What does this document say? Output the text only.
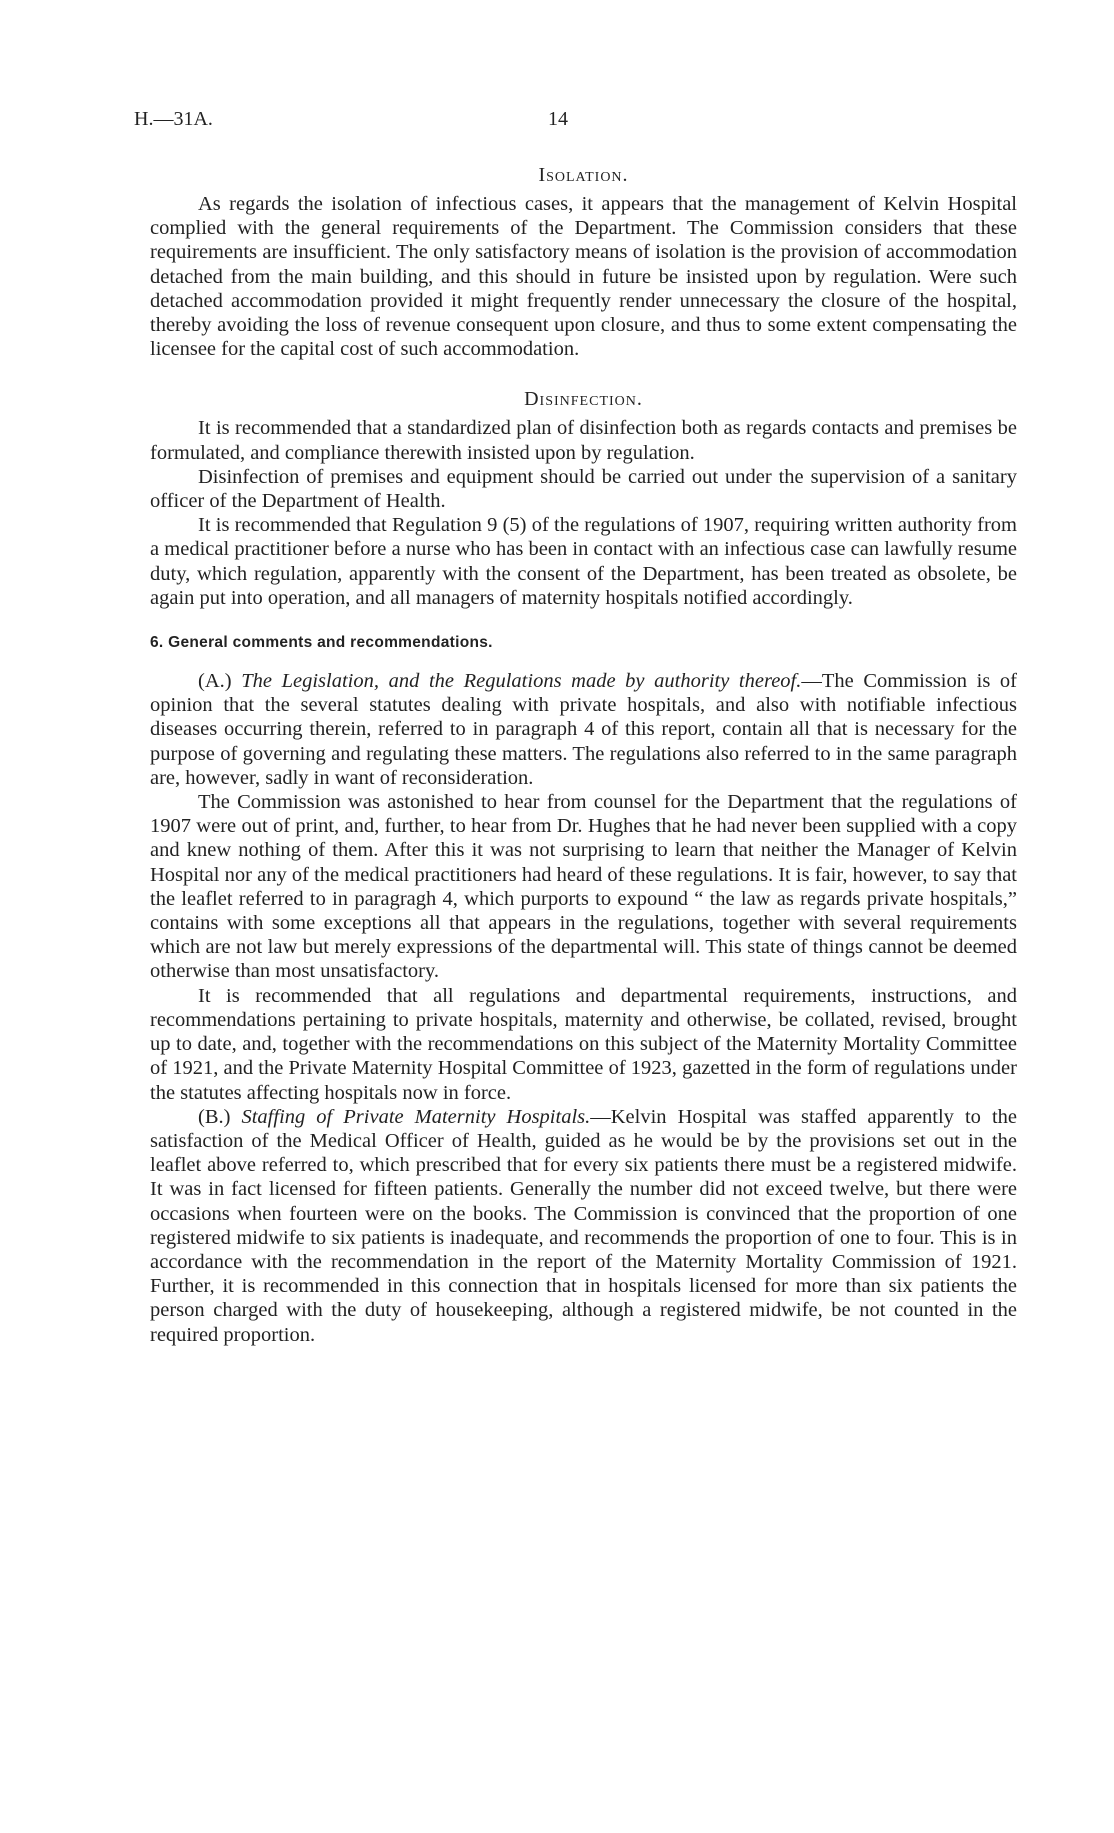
H.—31A.	14
Isolation.

As regards the isolation of infectious cases, it appears that the management of Kelvin Hospital complied with the general requirements of the Department. The Commission considers that these requirements are insufficient. The only satisfactory means of isolation is the provision of accommodation detached from the main building, and this should in future be insisted upon by regulation. Were such detached accommodation provided it might frequently render unnecessary the closure of the hospital, thereby avoiding the loss of revenue consequent upon closure, and thus to some extent compensating the licensee for the capital cost of such accommodation.

Disinfection.

It is recommended that a standardized plan of disinfection both as regards contacts and premises be formulated, and compliance therewith insisted upon by regulation.

Disinfection of premises and equipment should be carried out under the supervision of a sanitary officer of the Department of Health.

It is recommended that Regulation 9 (5) of the regulations of 1907, requiring written authority from a medical practitioner before a nurse who has been in contact with an infectious case can lawfully resume duty, which regulation, apparently with the consent of the Department, has been treated as obsolete, be again put into operation, and all managers of maternity hospitals notified accordingly.

6. General comments and recommendations.

(A.) The Legislation, and the Regulations made by authority thereof.—The Commission is of opinion that the several statutes dealing with private hospitals, and also with notifiable infectious diseases occurring therein, referred to in paragraph 4 of this report, contain all that is necessary for the purpose of governing and regulating these matters. The regulations also referred to in the same paragraph are, however, sadly in want of reconsideration.

The Commission was astonished to hear from counsel for the Department that the regulations of 1907 were out of print, and, further, to hear from Dr. Hughes that he had never been supplied with a copy and knew nothing of them. After this it was not surprising to learn that neither the Manager of Kelvin Hospital nor any of the medical practitioners had heard of these regulations. It is fair, however, to say that the leaflet referred to in paragragh 4, which purports to expound “ the law as regards private hospitals,” contains with some exceptions all that appears in the regulations, together with several requirements which are not law but merely expressions of the departmental will. This state of things cannot be deemed otherwise than most unsatisfactory.

It is recommended that all regulations and departmental requirements, instructions, and recommendations pertaining to private hospitals, maternity and otherwise, be collated, revised, brought up to date, and, together with the recommendations on this subject of the Maternity Mortality Committee of 1921, and the Private Maternity Hospital Committee of 1923, gazetted in the form of regulations under the statutes affecting hospitals now in force.

(B.) Staffing of Private Maternity Hospitals.—Kelvin Hospital was staffed apparently to the satisfaction of the Medical Officer of Health, guided as he would be by the provisions set out in the leaflet above referred to, which prescribed that for every six patients there must be a registered midwife. It was in fact licensed for fifteen patients. Generally the number did not exceed twelve, but there were occasions when fourteen were on the books. The Commission is convinced that the proportion of one registered midwife to six patients is inadequate, and recommends the proportion of one to four. This is in accordance with the recommendation in the report of the Maternity Mortality Commission of 1921. Further, it is recommended in this connection that in hospitals licensed for more than six patients the person charged with the duty of housekeeping, although a registered midwife, be not counted in the required proportion.
